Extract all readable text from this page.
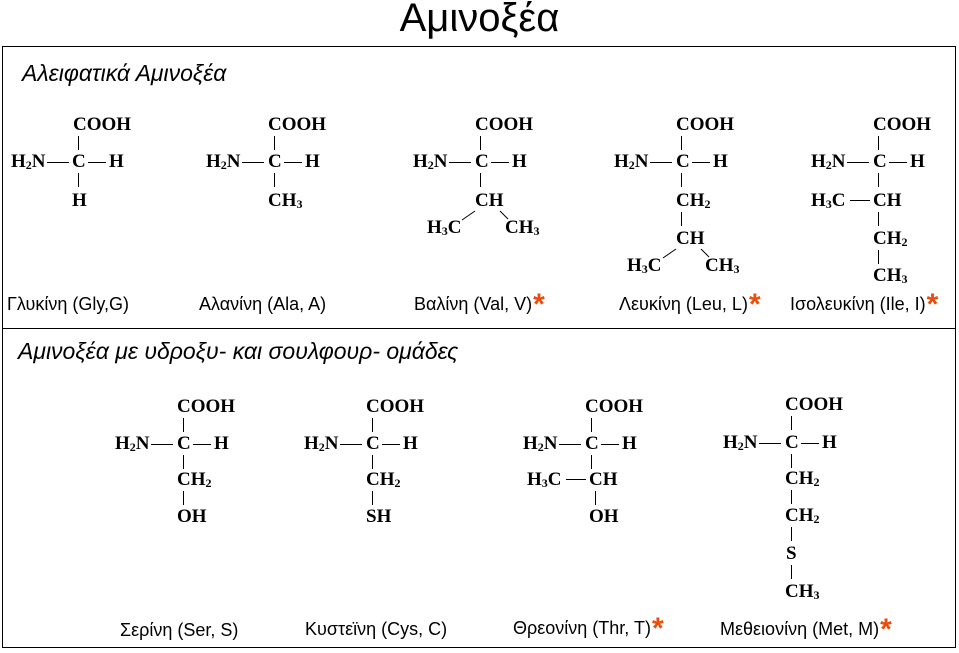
Αμινοξέα
Αλειφατικά Αμινοξέα
Αμινοξέα με υδροξυ- και σουλφουρ- ομάδες
COOH
$H_2N$ C H
H
COOH
$H_2N$ C H
$CH_3$
COOH
$H_2N$ C H
CH
$H_3C$ $CH_3$
COOH
$H_2N$ C H
$CH_2$
CH
$H_3C$ $CH_3$
COOH
$H_2N$ C H
$H_3C$ CH
$CH_2$
$CH_3$
Γλυκίνη (Gly,G)	Αλανίνη (Ala, A)	Βαλίνη (Val, V)*	Λευκίνη (Leu, L)* Ισολευκίνη (Ile, I)*
COOH
$H_2N$ C H
$CH_2$
OH
COOH
$H_2N$ C H
$CH_2$
SH
COOH
$H_2N$ C H
$H_3C$ CH
OH
COOH
$H_2N$ C H
$CH_2$
$CH_2$
S
$CH_3$
Σερίνη (Ser, S)	Κυστεϊνη (Cys, C)	Θρεονίνη (Thr, T)*	Μεθειονίνη (Met, M)*
